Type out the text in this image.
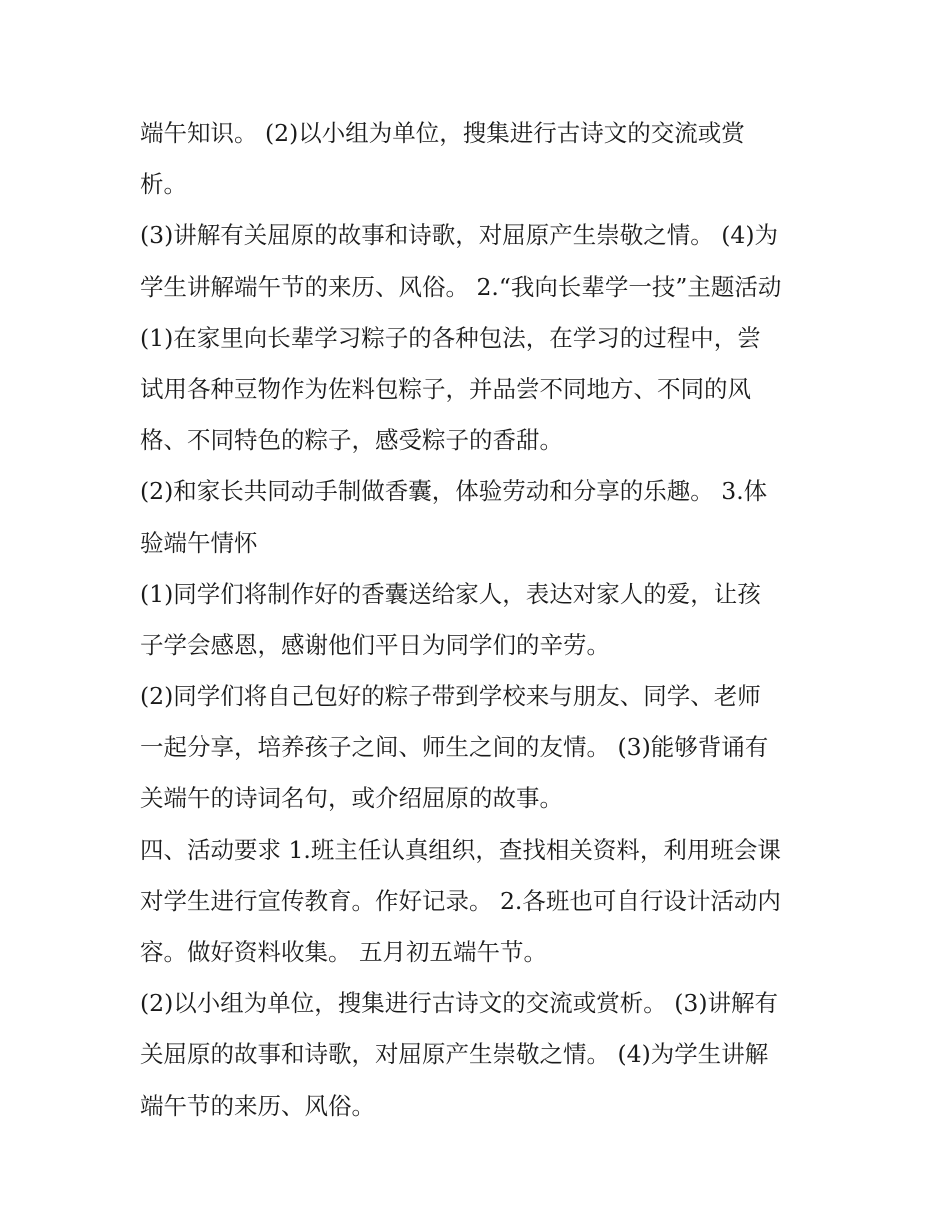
端午知识。 (2)以小组为单位，搜集进行古诗文的交流或赏
析。
(3)讲解有关屈原的故事和诗歌，对屈原产生崇敬之情。 (4)为
学生讲解端午节的来历、风俗。 2.“我向长辈学一技”主题活动
(1)在家里向长辈学习粽子的各种包法，在学习的过程中，尝
试用各种豆物作为佐料包粽子，并品尝不同地方、不同的风
格、不同特色的粽子，感受粽子的香甜。
(2)和家长共同动手制做香囊，体验劳动和分享的乐趣。 3.体
验端午情怀
(1)同学们将制作好的香囊送给家人，表达对家人的爱，让孩
子学会感恩，感谢他们平日为同学们的辛劳。
(2)同学们将自己包好的粽子带到学校来与朋友、同学、老师
一起分享，培养孩子之间、师生之间的友情。 (3)能够背诵有
关端午的诗词名句，或介绍屈原的故事。
四、活动要求 1.班主任认真组织，查找相关资料，利用班会课
对学生进行宣传教育。作好记录。 2.各班也可自行设计活动内
容。做好资料收集。 五月初五端午节。
(2)以小组为单位，搜集进行古诗文的交流或赏析。 (3)讲解有
关屈原的故事和诗歌，对屈原产生崇敬之情。 (4)为学生讲解
端午节的来历、风俗。
